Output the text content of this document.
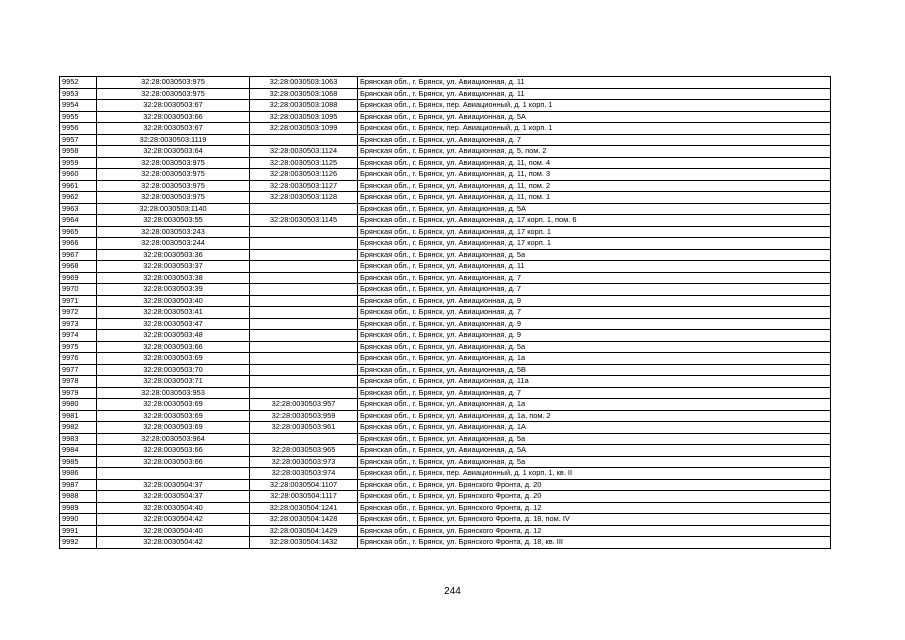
9952	32:28:0030503:975	32:28:0030503:1063	Брянская обл., г. Брянск, ул. Авиационная, д. 11
9953	32:28:0030503:975	32:28:0030503:1068	Брянская обл., г. Брянск, ул. Авиационная, д. 11
9954	32:28:0030503:67	32:28:0030503:1088	Брянская обл., г. Брянск, пер. Авиационный, д. 1 корп. 1
9955	32:28:0030503:66	32:28:0030503:1095	Брянская обл., г. Брянск, ул. Авиационная, д. 5А
9956	32:28:0030503:67	32:28:0030503:1099	Брянская обл., г. Брянск, пер. Авиационный, д. 1 корп. 1
9957	32:28:0030503:1119		Брянская обл., г. Брянск, ул. Авиационная, д. 7
9958	32:28:0030503:64	32:28:0030503:1124	Брянская обл., г. Брянск, ул. Авиационная, д. 5, пом. 2
9959	32:28:0030503:975	32:28:0030503:1125	Брянская обл., г. Брянск, ул. Авиационная, д. 11, пом. 4
9960	32:28:0030503:975	32:28:0030503:1126	Брянская обл., г. Брянск, ул. Авиационная, д. 11, пом. 3
9961	32:28:0030503:975	32:28:0030503:1127	Брянская обл., г. Брянск, ул. Авиационная, д. 11, пом. 2
9962	32:28:0030503:975	32:28:0030503:1128	Брянская обл., г. Брянск, ул. Авиационная, д. 11, пом. 1
9963	32:28:0030503:1140		Брянская обл., г. Брянск, ул. Авиационная, д. 5А
9964	32:28:0030503:55	32:28:0030503:1145	Брянская обл., г. Брянск, ул. Авиационная, д. 17 корп. 1, пом. 6
9965	32:28:0030503:243		Брянская обл., г. Брянск, ул. Авиационная, д. 17 корп. 1
9966	32:28:0030503:244		Брянская обл., г. Брянск, ул. Авиационная, д. 17 корп. 1
9967	32:28:0030503:36		Брянская обл., г. Брянск, ул. Авиационная, д. 5а
9968	32:28:0030503:37		Брянская обл., г. Брянск, ул. Авиационная, д. 11
9969	32:28:0030503:38		Брянская обл., г. Брянск, ул. Авиационная, д. 7
9970	32:28:0030503:39		Брянская обл., г. Брянск, ул. Авиационная, д. 7
9971	32:28:0030503:40		Брянская обл., г. Брянск, ул. Авиационная, д. 9
9972	32:28:0030503:41		Брянская обл., г. Брянск, ул. Авиационная, д. 7
9973	32:28:0030503:47		Брянская обл., г. Брянск, ул. Авиационная, д. 9
9974	32:28:0030503:48		Брянская обл., г. Брянск, ул. Авиационная, д. 9
9975	32:28:0030503:66		Брянская обл., г. Брянск, ул. Авиационная, д. 5а
9976	32:28:0030503:69		Брянская обл., г. Брянск, ул. Авиационная, д. 1а
9977	32:28:0030503:70		Брянская обл., г. Брянск, ул. Авиационная, д. 5В
9978	32:28:0030503:71		Брянская обл., г. Брянск, ул. Авиационная, д. 11а
9979	32:28:0030503:953		Брянская обл., г. Брянск, ул. Авиационная, д. 7
9980	32:28:0030503:69	32:28:0030503:957	Брянская обл., г. Брянск, ул. Авиационная, д. 1а
9981	32:28:0030503:69	32:28:0030503:959	Брянская обл., г. Брянск, ул. Авиационная, д. 1а, пом. 2
9982	32:28:0030503:69	32:28:0030503:961	Брянская обл., г. Брянск, ул. Авиационная, д. 1А
9983	32:28:0030503:964		Брянская обл., г. Брянск, ул. Авиационная, д. 5а
9984	32:28:0030503:66	32:28:0030503:965	Брянская обл., г. Брянск, ул. Авиационная, д. 5А
9985	32:28:0030503:66	32:28:0030503:973	Брянская обл., г. Брянск, ул. Авиационная, д. 5а
9986		32:28:0030503:974	Брянская обл., г. Брянск, пер. Авиационный, д. 1 корп. 1, кв. II
9987	32:28:0030504:37	32:28:0030504:1107	Брянская обл., г. Брянск, ул. Брянского Фронта, д. 20
9988	32:28:0030504:37	32:28:0030504:1117	Брянская обл., г. Брянск, ул. Брянского Фронта, д. 20
9989	32:28:0030504:40	32:28:0030504:1241	Брянская обл., г. Брянск, ул. Брянского Фронта, д. 12
9990	32:28:0030504:42	32:28:0030504:1428	Брянская обл., г. Брянск, ул. Брянского Фронта, д. 18, пом. IV
9991	32:28:0030504:40	32:28:0030504:1429	Брянская обл., г. Брянск, ул. Брянского Фронта, д. 12
9992	32:28:0030504:42	32:28:0030504:1432	Брянская обл., г. Брянск, ул. Брянского Фронта, д. 18, кв. III
244
